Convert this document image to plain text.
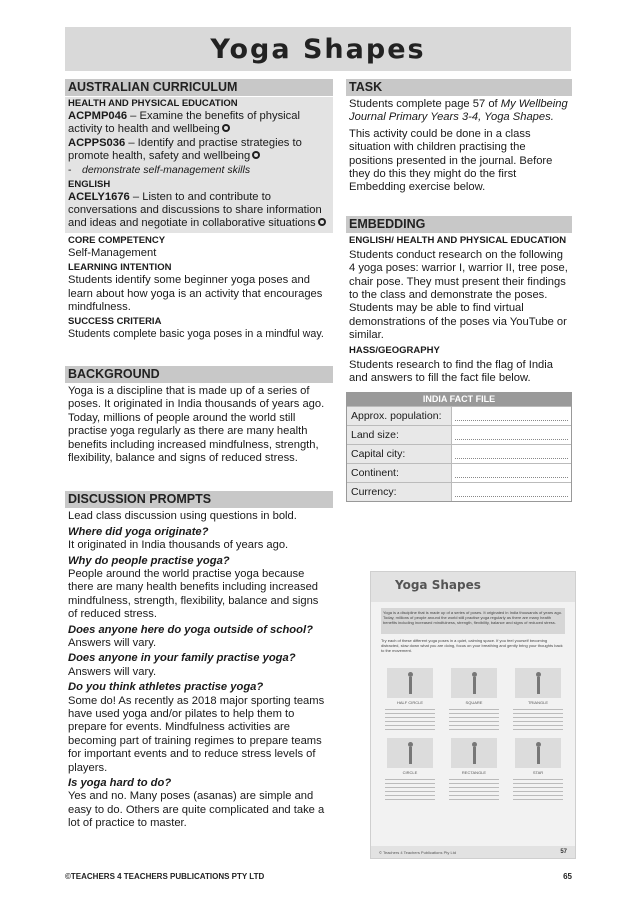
Yoga Shapes
AUSTRALIAN CURRICULUM
HEALTH AND PHYSICAL EDUCATION
ACPMP046 – Examine the benefits of physical activity to health and wellbeing
ACPPS036 – Identify and practise strategies to promote health, safety and wellbeing
-	demonstrate self-management skills
ENGLISH
ACELY1676 – Listen to and contribute to conversations and discussions to share information and ideas and negotiate in collaborative situations
CORE COMPETENCY
Self-Management
LEARNING INTENTION
Students identify some beginner yoga poses and learn about how yoga is an activity that encourages mindfulness.
SUCCESS CRITERIA
Students complete basic yoga poses in a mindful way.
BACKGROUND
Yoga is a discipline that is made up of a series of poses. It originated in India thousands of years ago. Today, millions of people around the world still practise yoga regularly as there are many health benefits including increased mindfulness, strength, flexibility, balance and signs of reduced stress.
DISCUSSION PROMPTS
Lead class discussion using questions in bold.
Where did yoga originate?
It originated in India thousands of years ago.
Why do people practise yoga?
People around the world practise yoga because there are many health benefits including increased mindfulness, strength, flexibility, balance and signs of reduced stress.
Does anyone here do yoga outside of school?
Answers will vary.
Does anyone in your family practise yoga?
Answers will vary.
Do you think athletes practise yoga?
Some do! As recently as 2018 major sporting teams have used yoga and/or pilates to help them to prepare for events. Mindfulness activities are becoming part of training regimes to prepare teams for important events and to reduce stress levels of players.
Is yoga hard to do?
Yes and no. Many poses (asanas) are simple and easy to do. Others are quite complicated and take a lot of practice to master.
TASK
Students complete page 57 of My Wellbeing Journal Primary Years 3-4, Yoga Shapes.
This activity could be done in a class situation with children practising the positions presented in the journal. Before they do this they might do the first Embedding exercise below.
EMBEDDING
ENGLISH/ HEALTH AND PHYSICAL EDUCATION
Students conduct research on the following 4 yoga poses: warrior I, warrior II, tree pose, chair pose. They must present their findings to the class and demonstrate the poses. Students may be able to find virtual demonstrations of the poses via YouTube or similar.
HASS/GEOGRAPHY
Students research to find the flag of India and answers to fill the fact file below.
INDIA FACT FILE
Approx. population:
Land size:
Capital city:
Continent:
Currency:
Yoga Shapes
Yoga is a discipline that is made up of a series of poses. It originated in India thousands of years ago. Today, millions of people around the world still practise yoga regularly as there are many health benefits including increased mindfulness, strength, flexibility, balance and signs of reduced stress.
Try each of these different yoga poses in a quiet, calming space. If you feel yourself becoming distracted, slow down what you are doing, focus on your breathing and gently bring your thoughts back to the movement.
HALF CIRCLE	SQUARE	TRIANGLE
CIRCLE	RECTANGLE	STAR
© Teachers 4 Teachers Publications Pty Ltd	57
©TEACHERS 4 TEACHERS PUBLICATIONS PTY LTD	65
